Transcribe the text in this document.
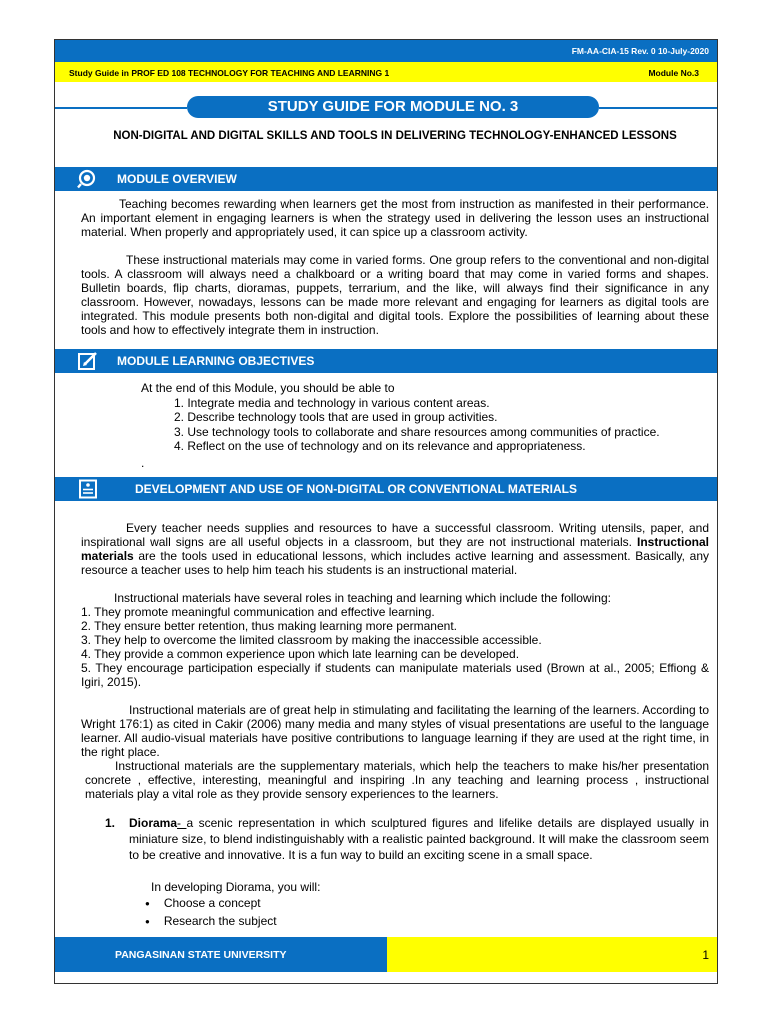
FM-AA-CIA-15 Rev. 0 10-July-2020
Study Guide in PROF ED 108 TECHNOLOGY FOR TEACHING AND LEARNING 1	Module No.3
STUDY GUIDE FOR MODULE NO. 3
NON-DIGITAL AND DIGITAL SKILLS AND TOOLS IN DELIVERING TECHNOLOGY-ENHANCED LESSONS
MODULE OVERVIEW

Teaching becomes rewarding when learners get the most from instruction as manifested in their performance. An important element in engaging learners is when the strategy used in delivering the lesson uses an instructional material. When properly and appropriately used, it can spice up a classroom activity.

These instructional materials may come in varied forms. One group refers to the conventional and non-digital tools. A classroom will always need a chalkboard or a writing board that may come in varied forms and shapes. Bulletin boards, flip charts, dioramas, puppets, terrarium, and the like, will always find their significance in any classroom. However, nowadays, lessons can be made more relevant and engaging for learners as digital tools are integrated. This module presents both non-digital and digital tools. Explore the possibilities of learning about these tools and how to effectively integrate them in instruction.

MODULE LEARNING OBJECTIVES
At the end of this Module, you should be able to
1. Integrate media and technology in various content areas.
2. Describe technology tools that are used in group activities.
3. Use technology tools to collaborate and share resources among communities of practice.
4. Reflect on the use of technology and on its relevance and appropriateness.
.
DEVELOPMENT AND USE OF NON-DIGITAL OR CONVENTIONAL MATERIALS

Every teacher needs supplies and resources to have a successful classroom. Writing utensils, paper, and inspirational wall signs are all useful objects in a classroom, but they are not instructional materials. Instructional materials are the tools used in educational lessons, which includes active learning and assessment. Basically, any resource a teacher uses to help him teach his students is an instructional material.

Instructional materials have several roles in teaching and learning which include the following:

1. They promote meaningful communication and effective learning.

2. They ensure better retention, thus making learning more permanent.

3. They help to overcome the limited classroom by making the inaccessible accessible.

4. They provide a common experience upon which late learning can be developed.

5. They encourage participation especially if students can manipulate materials used (Brown at al., 2005; Effiong & Igiri, 2015).

Instructional materials are of great help in stimulating and facilitating the learning of the learners. According to Wright 176:1) as cited in Cakir (2006) many media and many styles of visual presentations are useful to the language learner. All audio-visual materials have positive contributions to language learning if they are used at the right time, in the right place.

Instructional materials are the supplementary materials, which help the teachers to make his/her presentation concrete , effective, interesting, meaningful and inspiring .In any teaching and learning process , instructional materials play a vital role as they provide sensory experiences to the learners.

1.	Diorama- a scenic representation in which sculptured figures and lifelike details are displayed usually in miniature size, to blend indistinguishably with a realistic painted background. It will make the classroom seem to be creative and innovative. It is a fun way to build an exciting scene in a small space.

In developing Diorama, you will:
● Choose a concept
● Research the subject
PANGASINAN STATE UNIVERSITY	1
